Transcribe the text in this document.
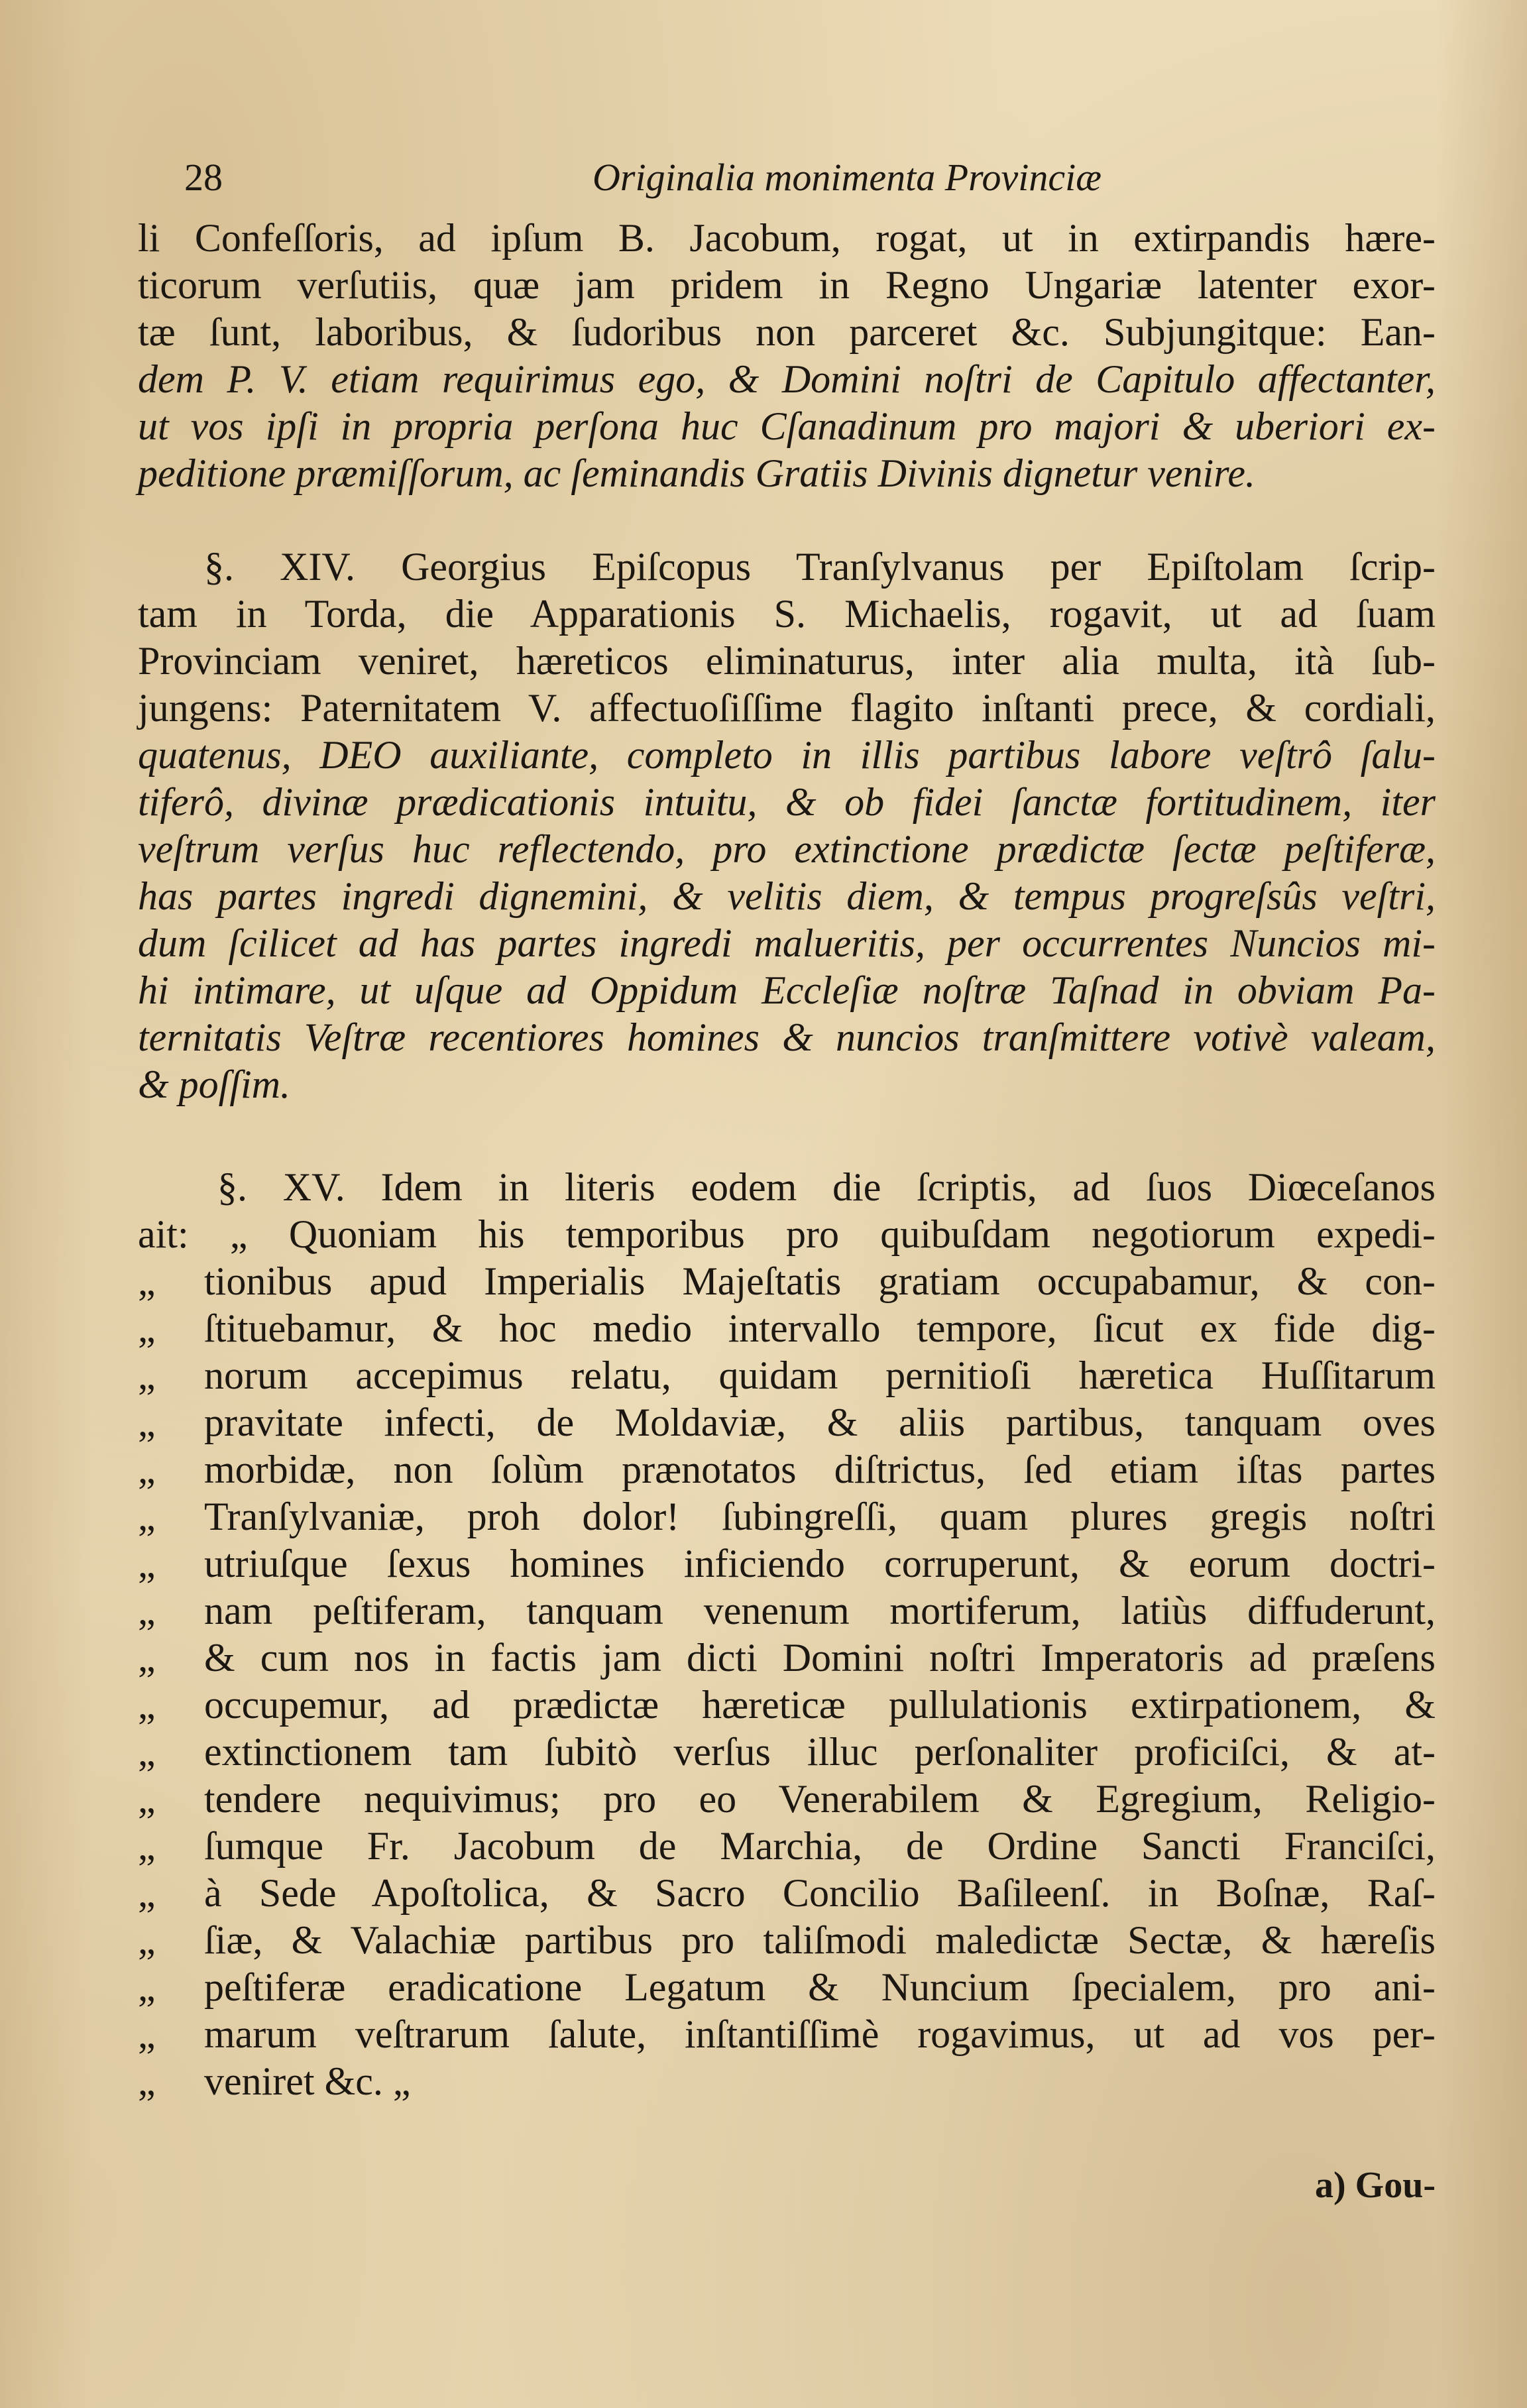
28	Originalia monimenta Provinciæ
li Confeſſoris, ad ipſum B. Jacobum, rogat, ut in extirpandis hære-
ticorum verſutiis, quæ jam pridem in Regno Ungariæ latenter exor-
tæ ſunt, laboribus, & ſudoribus non parceret &c. Subjungitque: Ean-
dem P. V. etiam requirimus ego, & Domini noſtri de Capitulo affectanter,
ut vos ipſi in propria perſona huc Cſanadinum pro majori & uberiori ex-
peditione præmiſſorum, ac ſeminandis Gratiis Divinis dignetur venire.
§. XIV. Georgius Epiſcopus Tranſylvanus per Epiſtolam ſcrip-
tam in Torda, die Apparationis S. Michaelis, rogavit, ut ad ſuam
Provinciam veniret, hæreticos eliminaturus, inter alia multa, ità ſub-
jungens: Paternitatem V. affectuoſiſſime flagito inſtanti prece, & cordiali,
quatenus, DEO auxiliante, completo in illis partibus labore veſtrô ſalu-
tiferô, divinæ prædicationis intuitu, & ob fidei ſanctæ fortitudinem, iter
veſtrum verſus huc reflectendo, pro extinctione prædictæ ſectæ peſtiferæ,
has partes ingredi dignemini, & velitis diem, & tempus progreſsûs veſtri,
dum ſcilicet ad has partes ingredi malueritis, per occurrentes Nuncios mi-
hi intimare, ut uſque ad Oppidum Eccleſiæ noſtræ Taſnad in obviam Pa-
ternitatis Veſtræ recentiores homines & nuncios tranſmittere votivè valeam,
& poſſim.
§. XV. Idem in literis eodem die ſcriptis, ad ſuos Diœceſanos
ait: „ Quoniam his temporibus pro quibuſdam negotiorum expedi-
„	tionibus apud Imperialis Majeſtatis gratiam occupabamur, & con-
„	ſtituebamur, & hoc medio intervallo tempore, ſicut ex fide dig-
„	norum accepimus relatu, quidam pernitioſi hæretica Huſſitarum
„	pravitate infecti, de Moldaviæ, & aliis partibus, tanquam oves
„	morbidæ, non ſolùm prænotatos diſtrictus, ſed etiam iſtas partes
„	Tranſylvaniæ, proh dolor! ſubingreſſi, quam plures gregis noſtri
„	utriuſque ſexus homines inficiendo corruperunt, & eorum doctri-
„	nam peſtiferam, tanquam venenum mortiferum, latiùs diffuderunt,
„	& cum nos in factis jam dicti Domini noſtri Imperatoris ad præſens
„	occupemur, ad prædictæ hæreticæ pullulationis extirpationem, &
„	extinctionem tam ſubitò verſus illuc perſonaliter proficiſci, & at-
„	tendere nequivimus; pro eo Venerabilem & Egregium, Religio-
„	ſumque Fr. Jacobum de Marchia, de Ordine Sancti Franciſci,
„	à Sede Apoſtolica, & Sacro Concilio Baſileenſ. in Boſnæ, Raſ-
„	ſiæ, & Valachiæ partibus pro taliſmodi maledictæ Sectæ, & hæreſis
„	peſtiferæ eradicatione Legatum & Nuncium ſpecialem, pro ani-
„	marum veſtrarum ſalute, inſtantiſſimè rogavimus, ut ad vos per-
„	veniret &c. „
a) Gou-
